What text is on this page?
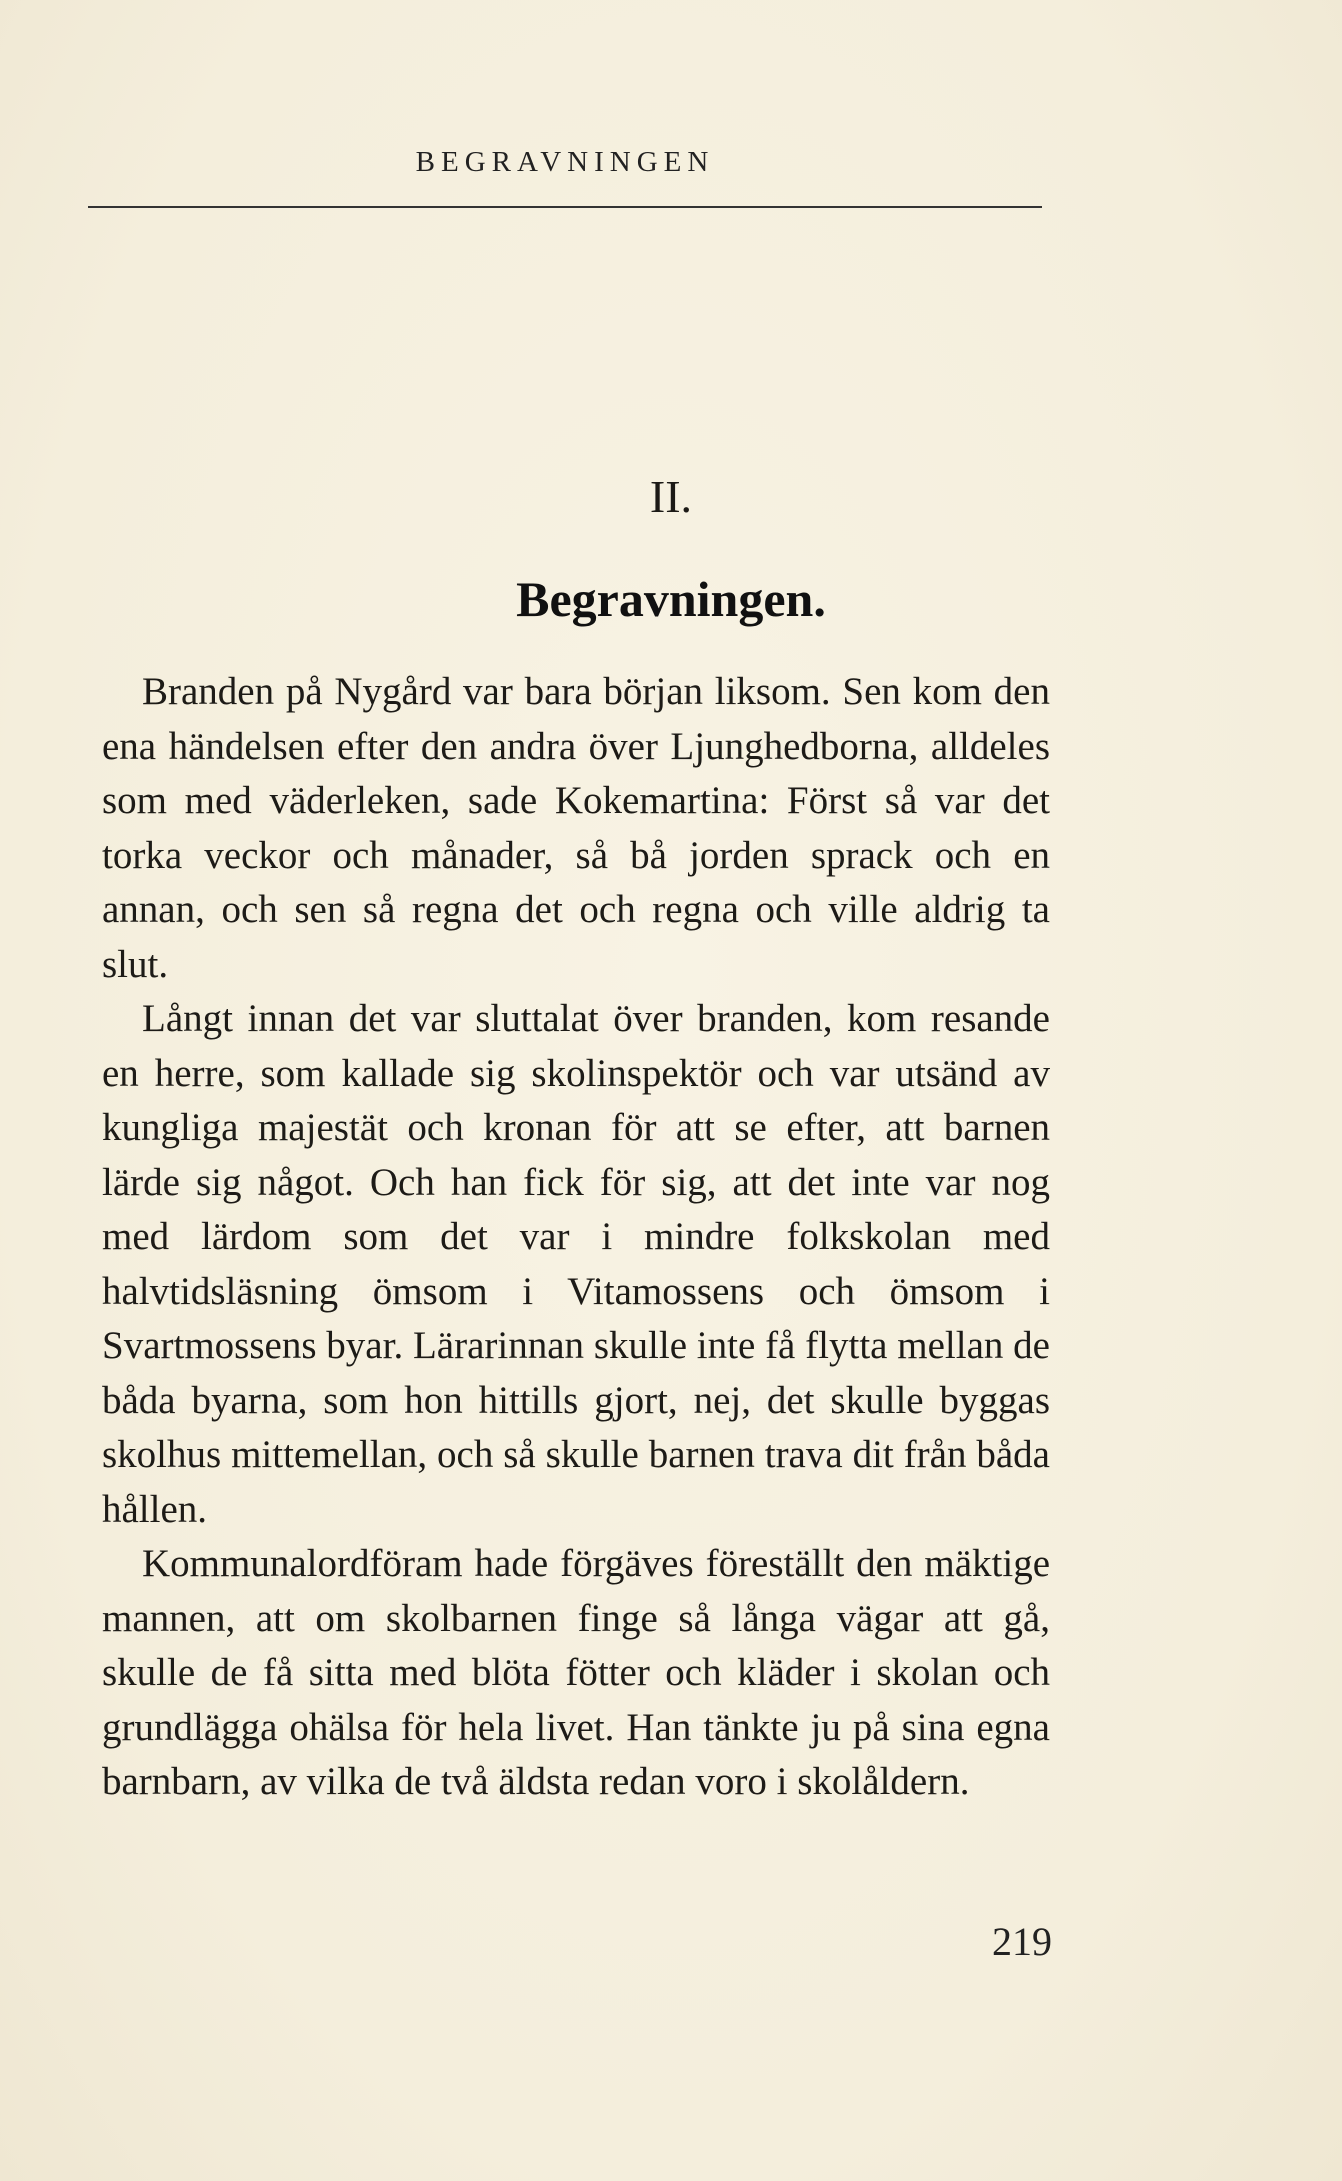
BEGRAVNINGEN
II.
Begravningen.

Branden på Nygård var bara början liksom. Sen kom den ena händelsen efter den andra över Ljunghedborna, alldeles som med väderleken, sade Kokemartina: Först så var det torka veckor och månader, så bå jorden sprack och en annan, och sen så regna det och regna och ville aldrig ta slut.

Långt innan det var sluttalat över branden, kom resande en herre, som kallade sig skolinspektör och var utsänd av kungliga majestät och kronan för att se efter, att barnen lärde sig något. Och han fick för sig, att det inte var nog med lärdom som det var i mindre folkskolan med halvtidsläsning ömsom i Vitamossens och ömsom i Svartmossens byar. Lärarinnan skulle inte få flytta mellan de båda byarna, som hon hittills gjort, nej, det skulle byggas skolhus mittemellan, och så skulle barnen trava dit från båda hållen.

Kommunalordföram hade förgäves föreställt den mäktige mannen, att om skolbarnen finge så långa vägar att gå, skulle de få sitta med blöta fötter och kläder i skolan och grundlägga ohälsa för hela livet. Han tänkte ju på sina egna barnbarn, av vilka de två äldsta redan voro i skolåldern.

219
